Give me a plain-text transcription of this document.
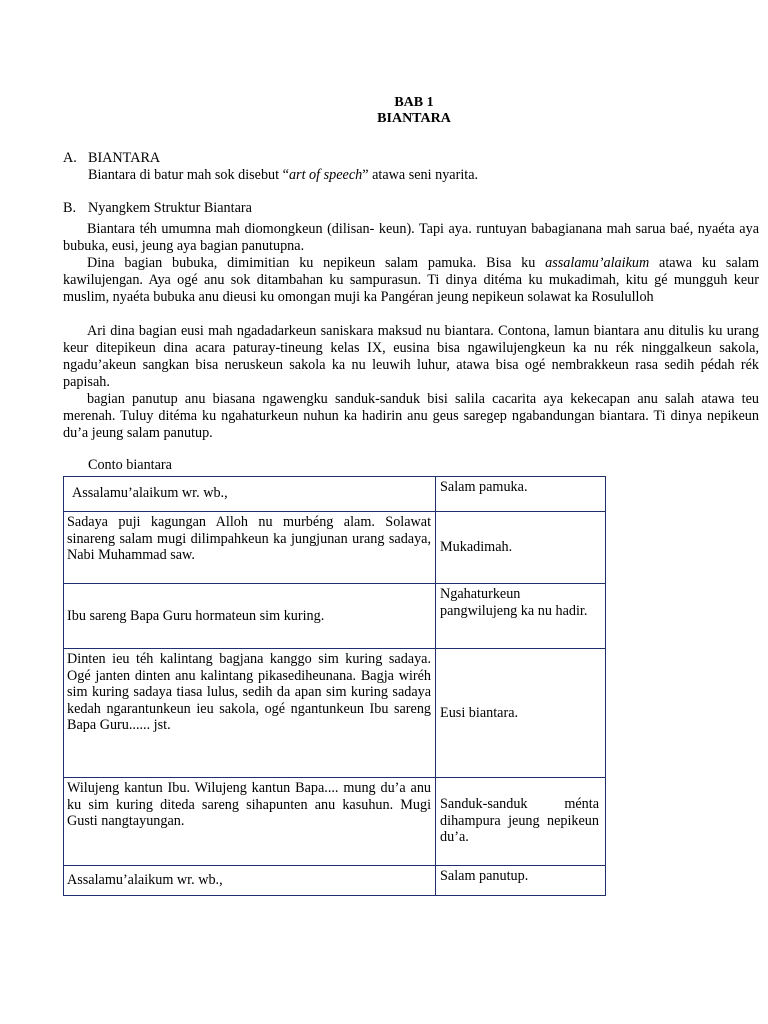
BAB 1
BIANTARA
A. BIANTARA
Biantara di batur mah sok disebut “art of speech” atawa seni nyarita.
B. Nyangkem Struktur Biantara
Biantara téh umumna mah diomongkeun (dilisan- keun). Tapi aya. runtuyan babagianana mah sarua baé, nyaéta aya bubuka, eusi, jeung aya bagian panutupna.
Dina bagian bubuka, dimimitian ku nepikeun salam pamuka. Bisa ku assalamu’alaikum atawa ku salam kawilujengan. Aya ogé anu sok ditambahan ku sampurasun. Ti dinya ditéma ku mukadimah, kitu gé mungguh keur muslim, nyaéta bubuka anu dieusi ku omongan muji ka Pangéran jeung nepikeun solawat ka Rosululloh
Ari dina bagian eusi mah ngadadarkeun saniskara maksud nu biantara. Contona, lamun biantara anu ditulis ku urang keur ditepikeun dina acara paturay-tineung kelas IX, eusina bisa ngawilujengkeun ka nu rék ninggalkeun sakola, ngadu’akeun sangkan bisa neruskeun sakola ka nu leuwih luhur, atawa bisa ogé nembrakkeun rasa sedih pédah rék papisah.
bagian panutup anu biasana ngawengku sanduk-sanduk bisi salila cacarita aya kekecapan anu salah atawa teu merenah. Tuluy ditéma ku ngahaturkeun nuhun ka hadirin anu geus saregep ngabandungan biantara. Ti dinya nepikeun du’a jeung salam panutup.
Conto biantara
Assalamu’alaikum wr. wb.,	Salam pamuka.
Sadaya puji kagungan Alloh nu murbéng alam. Solawat sinareng salam mugi dilimpahkeun ka jungjunan urang sadaya, Nabi Muhammad saw.	Mukadimah.
Ibu sareng Bapa Guru hormateun sim kuring.	Ngahaturkeun pangwilujeng ka nu hadir.
Dinten ieu téh kalintang bagjana kanggo sim kuring sadaya. Ogé janten dinten anu kalintang pikasediheunana. Bagja wiréh sim kuring sadaya tiasa lulus, sedih da apan sim kuring sadaya kedah ngarantunkeun ieu sakola, ogé ngantunkeun Ibu sareng Bapa Guru...... jst.	Eusi biantara.
Wilujeng kantun Ibu. Wilujeng kantun Bapa.... mung du’a anu ku sim kuring diteda sareng sihapunten anu kasuhun. Mugi Gusti nangtayungan.	Sanduk-sanduk ménta dihampura jeung nepikeun du’a.
Assalamu’alaikum wr. wb.,	Salam panutup.
